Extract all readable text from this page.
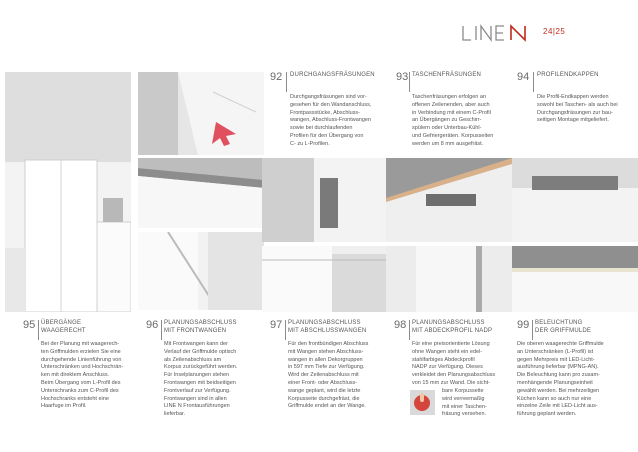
24|25
92 DURCHGANGSFRÄSUNGEN
Durchgangsfräsungen sind vor-
gesehen für den Wandanschluss,
Frontpassstücke, Abschluss-
wangen, Abschluss-Frontwangen
sowie bei durchlaufenden
Profilen für den Übergang von
C- zu L-Profilen.
93 TASCHENFRÄSUNGEN
Taschenfräsungen erfolgen an
offenen Zeilenenden, aber auch
in Verbindung mit einem C-Profil
an Übergängen zu Geschirr-
spülern oder Unterbau-Kühl-
und Gefriergeräten. Korpusseiten
werden um 8 mm ausgefräst.
94 PROFILENDKAPPEN
Die Profil-Endkappen werden
sowohl bei Taschen- als auch bei
Durchgangsfräsungen zur bau-
seitigen Montage mitgeliefert.
95 ÜBERGÄNGE
WAAGERECHT
Bei der Planung mit waagerech-
ten Griffmulden erzielen Sie eine
durchgehende Linienführung von
Unterschränken und Hochschrän-
ken mit direktem Anschluss.
Beim Übergang vom L-Profil des
Unterschranks zum C-Profil des
Hochschranks entsteht eine
Haarfuge im Profil.
96 PLANUNGSABSCHLUSS
MIT FRONTWANGEN
Mit Frontwangen kann der
Verlauf der Griffmulde optisch
als Zeilenabschluss am
Korpus zurückgeführt werden.
Für Inselplanungen stehen
Frontwangen mit beidseitigen
Frontverlauf zur Verfügung.
Frontwangen sind in allen
LINE N Frontausführungen
lieferbar.
97 PLANUNGSABSCHLUSS
MIT ABSCHLUSSWANGEN
Für den frontbündigen Abschluss
mit Wangen stehen Abschluss-
wangen in allen Dekorgruppen
in 597 mm Tiefe zur Verfügung.
Wird der Zeilenabschluss mit
einer Front- oder Abschluss-
wange geplant, wird die letzte
Korpusseite durchgefräst, die
Griffmulde endet an der Wange.
98 PLANUNGSABSCHLUSS
MIT ABDECKPROFIL NADP
Für eine preisorientierte Lösung
ohne Wangen steht ein edel-
stahlfarbiges Abdeckprofil
NADP zur Verfügung. Dieses
verkleidet den Planungsabschluss
von 15 mm zur Wand. Die sicht-
bare Korpusseite
wird verreemaßig
mit einer Taschen-
fräsung versehen.
99 BELEUCHTUNG
DER GRIFFMULDE
Die oberen waagerechte Griffmulde
an Unterschränken (L-Profil) ist
gegen Mehrpreis mit LED-Licht-
ausführung lieferbar (MPNG-AN).
Die Beleuchtung kann pro zusam-
menhängende Planungseinheit
gewählt werden. Bei mehrzeiligen
Küchen kann so auch nur eine
einzelne Zeile mit LED-Licht aus-
führung geplant werden.
